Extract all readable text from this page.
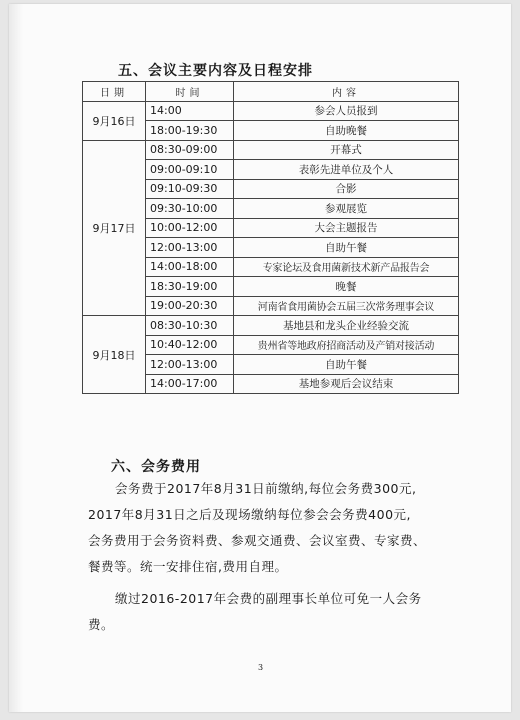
五、会议主要内容及日程安排
日期	时间	内容
9月16日	14:00	参会人员报到
	18:00-19:30	自助晚餐
9月17日	08:30-09:00	开幕式
	09:00-09:10	表彰先进单位及个人
	09:10-09:30	合影
	09:30-10:00	参观展览
	10:00-12:00	大会主题报告
	12:00-13:00	自助午餐
	14:00-18:00	专家论坛及食用菌新技术新产品报告会
	18:30-19:00	晚餐
	19:00-20:30	河南省食用菌协会五届三次常务理事会议
9月18日	08:30-10:30	基地县和龙头企业经验交流
	10:40-12:00	贵州省等地政府招商活动及产销对接活动
	12:00-13:00	自助午餐
	14:00-17:00	基地参观后会议结束
六、会务费用

会务费于2017年8月31日前缴纳,每位会务费300元,

2017年8月31日之后及现场缴纳每位参会会务费400元,

会务费用于会务资料费、参观交通费、会议室费、专家费、

餐费等。统一安排住宿,费用自理。

缴过2016-2017年会费的副理事长单位可免一人会务

费。
3
